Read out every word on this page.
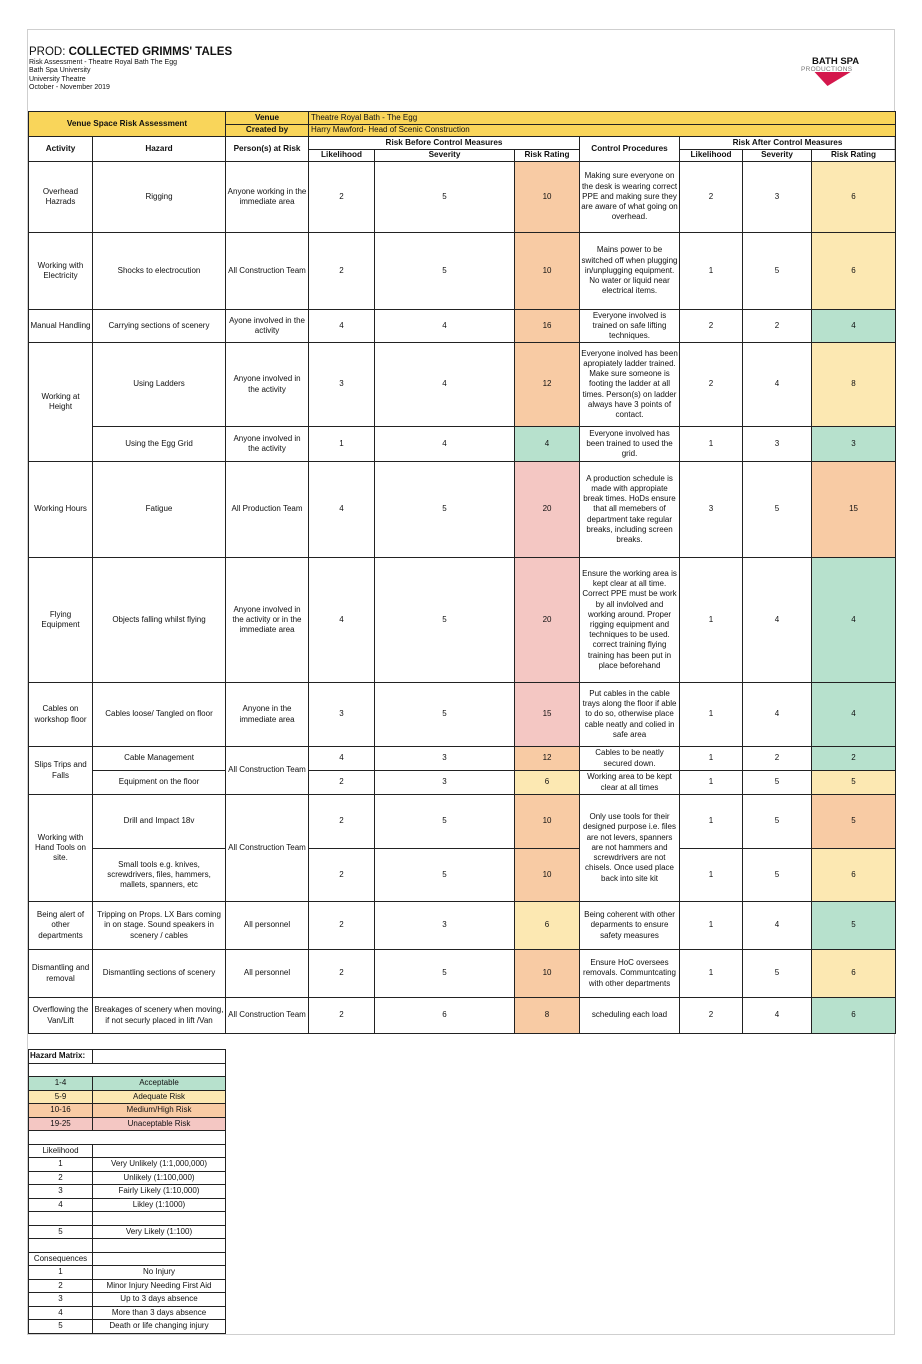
PROD: COLLECTED GRIMMS' TALES
Risk Assessment - Theatre Royal Bath The Egg
Bath Spa University
University Theatre
October - November 2019
BATH SPA
PRODUCTIONS
Venue Space Risk Assessment		Venue	Theatre Royal Bath - The Egg						
		Created by	Harry Mawford- Head of Scenic Construction						
Activity	Hazard	Person(s) at Risk	Risk Before Control Measures			Control Procedures	Risk After Control Measures		
			Likelihood	Severity	Risk Rating		Likelihood	Severity	Risk Rating
Overhead Hazrads	Rigging	Anyone working in the immediate area	2	5	10	Making sure everyone on the desk is wearing correct PPE and making sure they are aware of what going on overhead.	2	3	6
Working with Electricity	Shocks to electrocution	All Construction Team	2	5	10	Mains power to be switched off when plugging in/unplugging equipment. No water or liquid near electrical items.	1	5	6
Manual Handling	Carrying sections of scenery	Ayone involved in the activity	4	4	16	Everyone involved is trained on safe lifting techniques.	2	2	4
Working at Height	Using Ladders	Anyone involved in the activity	3	4	12	Everyone inolved has been apropiately ladder trained. Make sure someone is footing the ladder at all times. Person(s) on ladder always have 3 points of contact.	2	4	8
	Using the Egg Grid	Anyone involved in the activity	1	4	4	Everyone involved has been trained to used the grid.	1	3	3
Working Hours	Fatigue	All Production Team	4	5	20	A production schedule is made with appropiate break times. HoDs ensure that all memebers of department take regular breaks, including screen breaks.	3	5	15
Flying Equipment	Objects falling whilst flying	Anyone involved in the activity or in the immediate area	4	5	20	Ensure the working area is kept clear at all time. Correct PPE must be work by all invlolved and working around. Proper rigging equipment and techniques to be used. correct training flying training has been put in place beforehand	1	4	4
Cables on workshop floor	Cables loose/ Tangled on floor	Anyone in the immediate area	3	5	15	Put cables in the cable trays along the floor if able to do so, otherwise place cable neatly and colied in safe area	1	4	4
Slips Trips and Falls	Cable Management	All Construction Team	4	3	12	Cables to be neatly secured down.	1	2	2
	Equipment on the floor		2	3	6	Working area to be kept clear at all times	1	5	5
Working with Hand Tools on site.	Drill and Impact 18v	All Construction Team	2	5	10	Only use tools for their designed purpose i.e. files are not levers, spanners are not hammers and screwdrivers are not chisels. Once used place back into site kit	1	5	5
	Small tools e.g. knives, screwdrivers, files, hammers, mallets, spanners, etc		2	5	10		1	5	6
Being alert of other departments	Tripping on Props. LX Bars coming in on stage. Sound speakers in scenery / cables	All personnel	2	3	6	Being coherent with other deparments to ensure safety measures	1	4	5
Dismantling and removal	Dismantling sections of scenery	All personnel	2	5	10	Ensure HoC oversees removals. Communtcating with other departments	1	5	6
Overflowing the Van/Lift	Breakages of scenery when moving, if not securly placed in lift /Van	All Construction Team	2	6	8	scheduling each load	2	4	6
Hazard Matrix:	

1-4	Acceptable
5-9	Adequate Risk
10-16	Medium/High Risk
19-25	Unaceptable Risk

Likelihood	
1	Very Unlikely (1:1,000,000)
2	Unlikely (1:100,000)
3	Fairly Likely (1:10,000)
4	Likley (1:1000)

5	Very Likely (1:100)

Consequences	
1	No Injury
2	Minor Injury Needing First Aid
3	Up to 3 days absence
4	More than 3 days absence
5	Death or life changing injury
